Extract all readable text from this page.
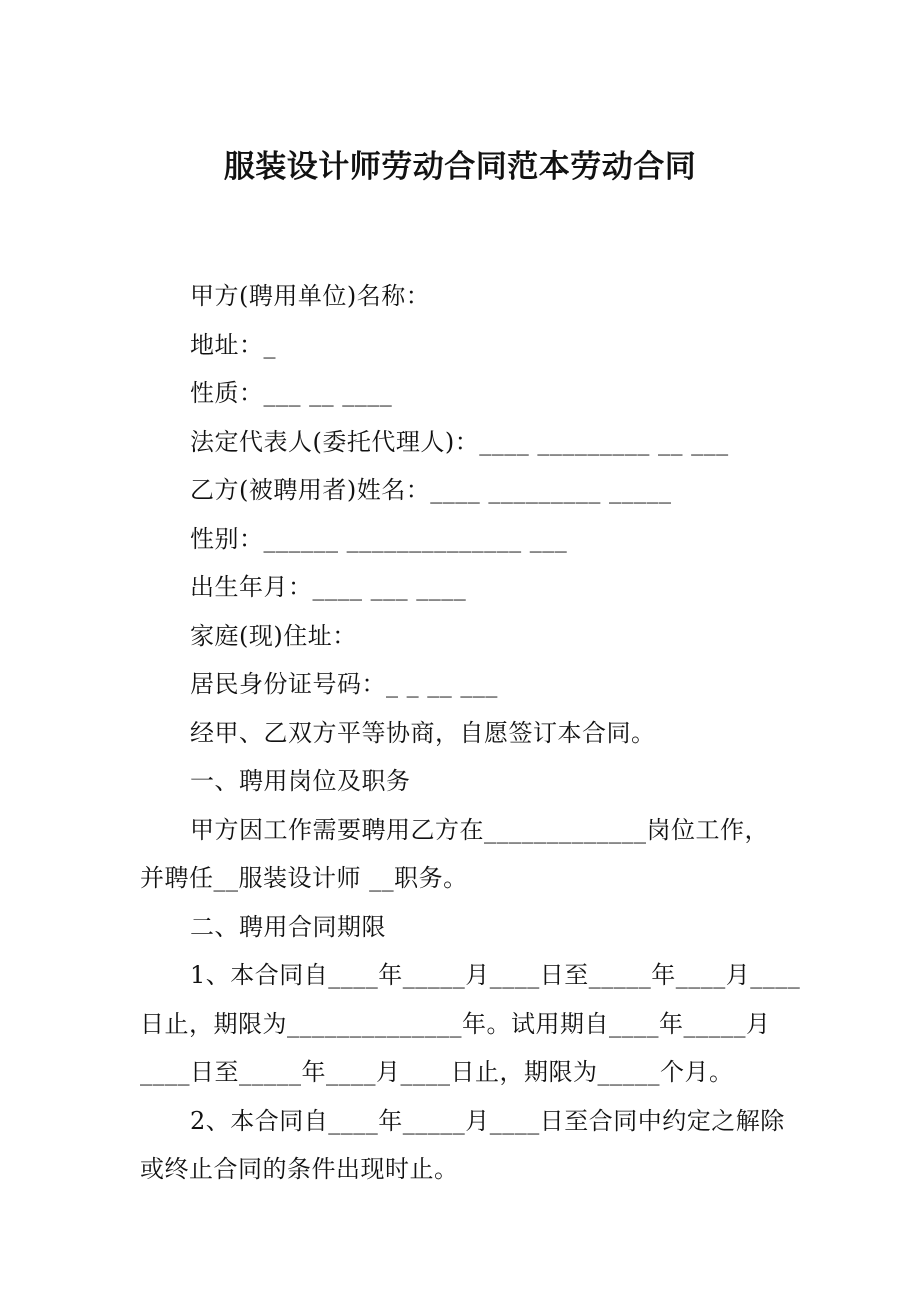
服装设计师劳动合同范本劳动合同
甲方(聘用单位)名称：
地址：_
性质：___ __ ____
法定代表人(委托代理人)：____ _________ __ ___
乙方(被聘用者)姓名：____ _________ _____
性别：______ ______________ ___
出生年月：____ ___ ____
家庭(现)住址：
居民身份证号码：_ _ __ ___
经甲、乙双方平等协商，自愿签订本合同。
一、聘用岗位及职务
甲方因工作需要聘用乙方在_____________岗位工作，
并聘任__服装设计师 __职务。
二、聘用合同期限
1、本合同自____年_____月____日至_____年____月____
日止，期限为______________年。试用期自____年_____月
____日至_____年____月____日止，期限为_____个月。
2、本合同自____年_____月____日至合同中约定之解除
或终止合同的条件出现时止。
